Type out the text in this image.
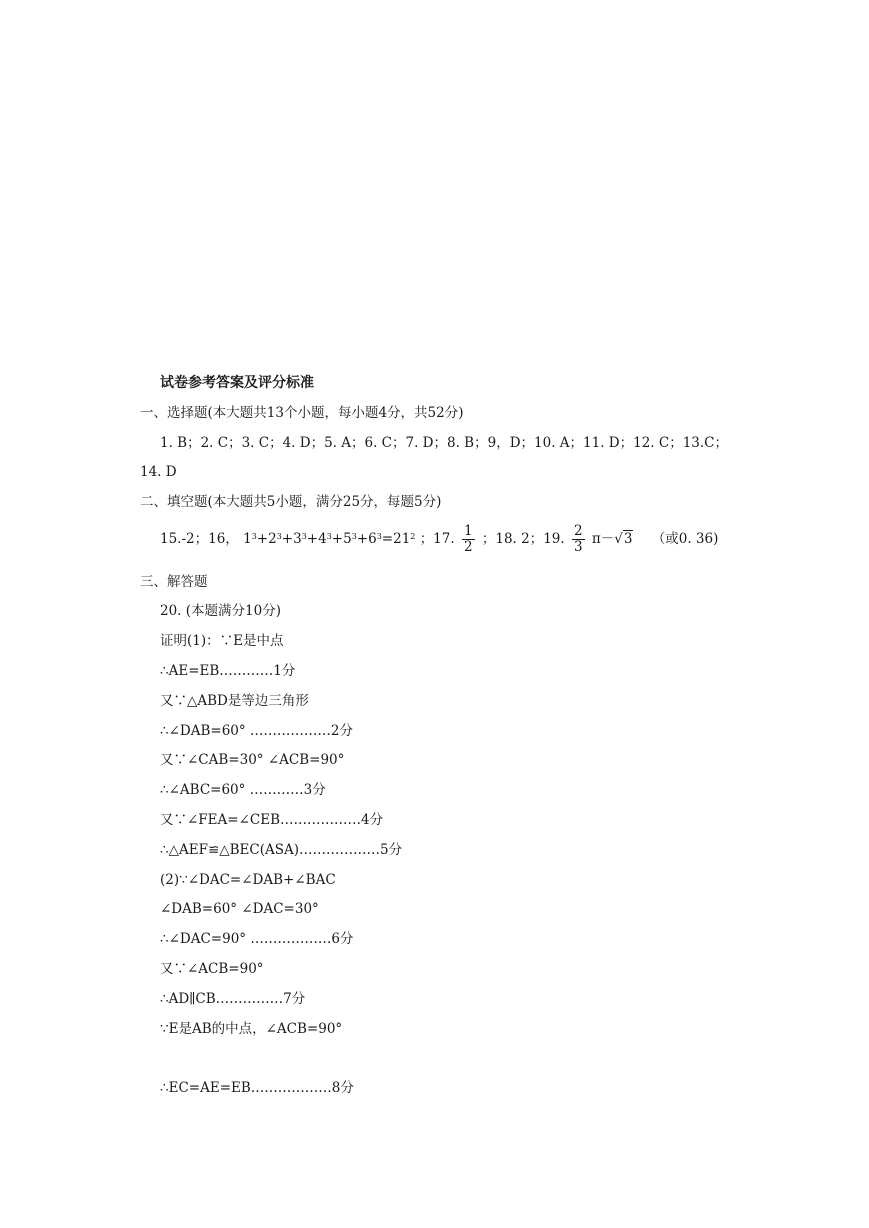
试卷参考答案及评分标准
一、选择题(本大题共13个小题，每小题4分，共52分)
1. B；2. C；3. C；4. D；5. A；6. C；7. D；8. B；9，D；10. A；11. D；12. C；13.C；
14. D
二、填空题(本大题共5小题，满分25分，每题5分)
15.-2；16， $1^3+2^3+3^3+4^3+5^3+6^3=21^2$ ；17. $\frac{1}{2}$ ；18. 2；19. $\frac{2}{3} \pi-√3$ （或0. 36)
三、解答题
20. (本题满分10分)
证明(1)：∵E是中点
∴AE=EB…………1分
又∵△ABD是等边三角形
∴∠DAB=60° ………………2分
又∵∠CAB=30° ∠ACB=90°
∴∠ABC=60° …………3分
又∵∠FEA=∠CEB………………4分
∴△AEF≌△BEC(ASA)………………5分
(2)∵∠DAC=∠DAB+∠BAC
∠DAB=60° ∠DAC=30°
∴∠DAC=90° ………………6分
又∵∠ACB=90°
∴AD∥CB……………7分
∵E是AB的中点，∠ACB=90°
∴EC=AE=EB………………8分
